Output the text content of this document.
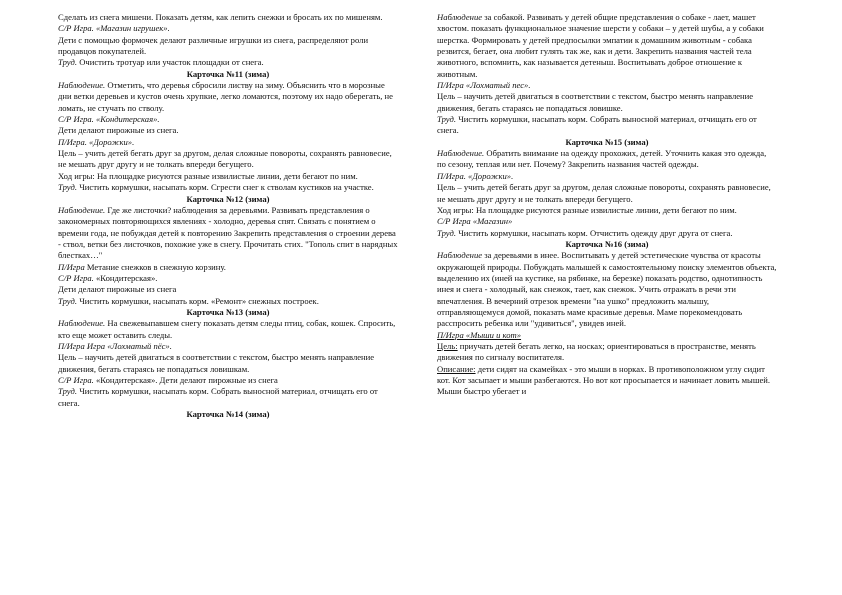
Сделать из снега мишени. Показать детям, как лепить снежки и бросать их по мишеням.

С/Р Игра. «Магазин игрушек».

Дети с помощью формочек делают различные игрушки из снега, распределяют роли продавцов покупателей.

Труд. Очистить тротуар или участок площадки от снега.

Карточка №11 (зима)

Наблюдение. Отметить, что деревья сбросили листву на зиму. Объяснить что в морозные дни ветки деревьев и кустов очень хрупкие, легко ломаются, поэтому их надо оберегать, не ломать, не стучать по стволу.

С/Р Игра. «Кондитерская».

Дети делают пирожные из снега.

П/Игра. «Дорожки».

Цель – учить детей бегать друг за другом, делая сложные повороты, сохранять равновесие, не мешать друг другу и не толкать впереди бегущего.

Ход игры: На площадке рисуются разные извилистые линии, дети бегают по ним.

Труд. Чистить кормушки, насыпать корм. Сгрести снег к стволам кустиков на участке.

Карточка №12 (зима)

Наблюдение. Где же листочки? наблюдения за деревьями. Развивать представления о закономерных повторяющихся явлениях - холодно, деревья спят. Связать с понятием о времени года, не побуждая детей к повторению Закрепить представления о строении дерева - ствол, ветки без листочков, похожие уже в снегу. Прочитать стих. "Тополь спит в нарядных блестках…"

П/Игра Метание снежков в снежную корзину.

С/Р Игра. «Кондитерская».

Дети делают пирожные из снега

Труд. Чистить кормушки, насыпать корм. «Ремонт» снежных построек.

Карточка №13 (зима)

Наблюдение. На свежевыпавшем снегу показать детям следы птиц, собак, кошек. Спросить, кто еще может оставить следы.

П/Игра Игра «Лохматый пёс».

Цель – научить детей двигаться в соответствии с текстом, быстро менять направление движения, бегать стараясь не попадаться ловишкам.

С/Р Игра. «Кондитерская». Дети делают пирожные из снега

Труд. Чистить кормушки, насыпать корм. Собрать выносной материал, отчищать его от снега.

Карточка №14 (зима)

Наблюдение за собакой. Развивать у детей общие представления о собаке - лает, машет хвостом. показать функциональное значение шерсти у собаки – у детей шубы, а у собаки шерстка. Формировать у детей предпосылки эмпатии к домашним животным - собака резвится, бегает, она любит гулять так же, как и дети. Закрепить названия частей тела животного, вспомнить, как называется детеныш. Воспитывать доброе отношение к животным.

П/Игра «Лохматый пес».

Цель – научить детей двигаться в соответствии с текстом, быстро менять направление движения, бегать стараясь не попадаться ловишке.

Труд. Чистить кормушки, насыпать корм. Собрать выносной материал, отчищать его от снега.

Карточка №15 (зима)

Наблюдение. Обратить внимание на одежду прохожих, детей. Уточнить какая это одежда, по сезону, теплая или нет. Почему? Закрепить названия частей одежды.

П/Игра. «Дорожки».

Цель – учить детей бегать друг за другом, делая сложные повороты, сохранять равновесие, не мешать друг другу и не толкать впереди бегущего.

Ход игры: На площадке рисуются разные извилистые линии, дети бегают по ним.

С/Р Игра «Магазин»

Труд. Чистить кормушки, насыпать корм. Отчистить одежду друг друга от снега.

Карточка №16 (зима)

Наблюдение за деревьями в инее. Воспитывать у детей эстетические чувства от красоты окружающей природы. Побуждать малышей к самостоятельному поиску элементов объекта, выделению их (иней на кустике, на рябинке, на березке) показать родство, однотипность инея и снега - холодный, как снежок, тает, как снежок. Учить отражать в речи эти впечатления. В вечерний отрезок времени "на ушко" предложить малышу, отправляющемуся домой, показать маме красивые деревья. Маме порекомендовать расспросить ребенка или "удивиться", увидев иней.

П/Игра «Мыши и кот»

Цель: приучать детей бегать легко, на носках; ориентироваться в пространстве, менять движения по сигналу воспитателя.

Описание: дети сидят на скамейках - это мыши в норках. В противоположном углу сидит кот. Кот засыпает и мыши разбегаются. Но вот кот просыпается и начинает ловить мышей. Мыши быстро убегает и
